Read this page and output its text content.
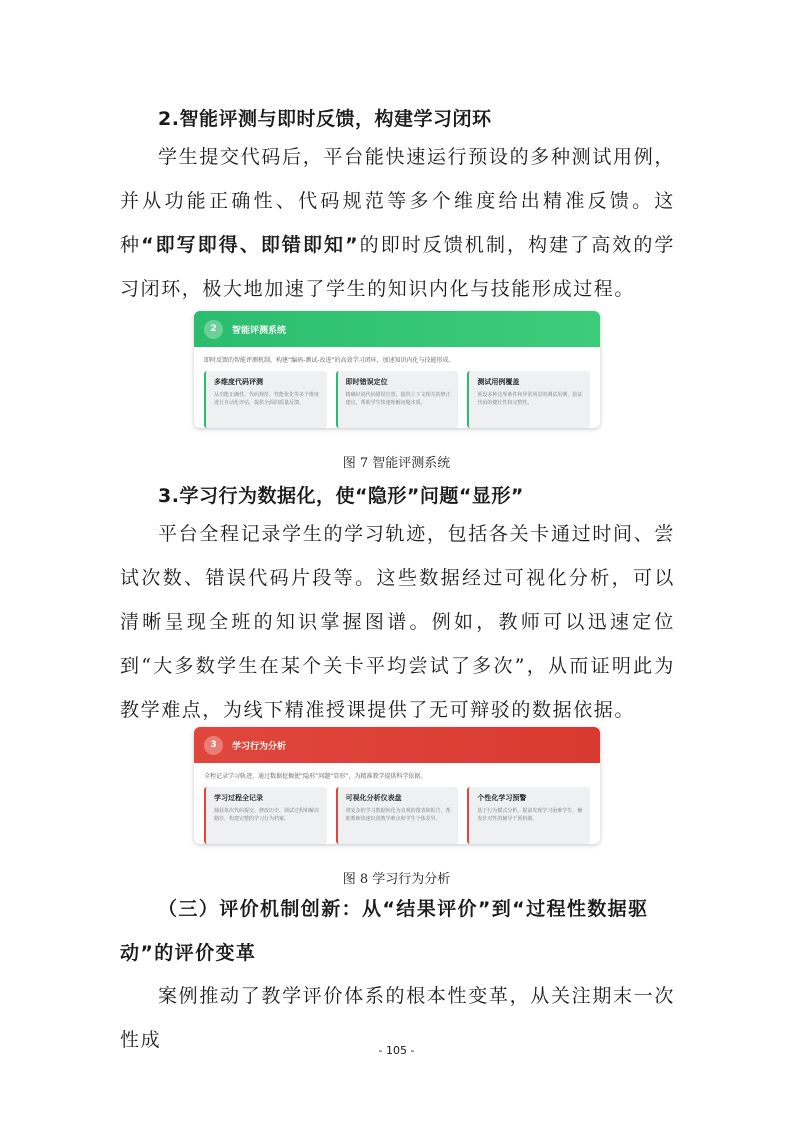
2.智能评测与即时反馈，构建学习闭环
学生提交代码后，平台能快速运行预设的多种测试用例，并从功能正确性、代码规范等多个维度给出精准反馈。这种“即写即得、即错即知”的即时反馈机制，构建了高效的学习闭环，极大地加速了学生的知识内化与技能形成过程。
2	智能评测系统
即时反馈的智能评测机制，构建“编码-测试-改进”的高效学习闭环，加速知识内化与技能形成。
多维度代码评测
从功能正确性、代码规范、性能优化等多个维度进行自动化评估，提供全面的质量反馈。
即时错误定位
精确识别代码错误位置，提供上下文相关的修正建议，帮助学生快速理解问题本质。
测试用例覆盖
预设多种边界条件和异常场景的测试用例，验证代码的健壮性和完整性。
图 7 智能评测系统
3.学习行为数据化，使“隐形”问题“显形”
平台全程记录学生的学习轨迹，包括各关卡通过时间、尝试次数、错误代码片段等。这些数据经过可视化分析，可以清晰呈现全班的知识掌握图谱。例如，教师可以迅速定位到“大多数学生在某个关卡平均尝试了多次”，从而证明此为教学难点，为线下精准授课提供了无可辩驳的数据依据。
3	学习行为分析
全程记录学习轨迹，通过数据挖掘使“隐形”问题“显形”，为精准教学提供科学依据。
学习过程全记录
捕获每次代码提交、修改历史、调试过程和解决路径，构建完整的学习行为档案。
可视化分析仪表盘
将复杂的学习数据转化为直观的图表和报告，帮助教师快速识别教学难点和学生个体差异。
个性化学习预警
基于行为模式分析，提前发现学习困难学生，触发针对性的辅导干预机制。
图 8 学习行为分析
（三）评价机制创新：从“结果评价”到“过程性数据驱动”的评价变革
案例推动了教学评价体系的根本性变革，从关注期末一次性成	- 105 -
